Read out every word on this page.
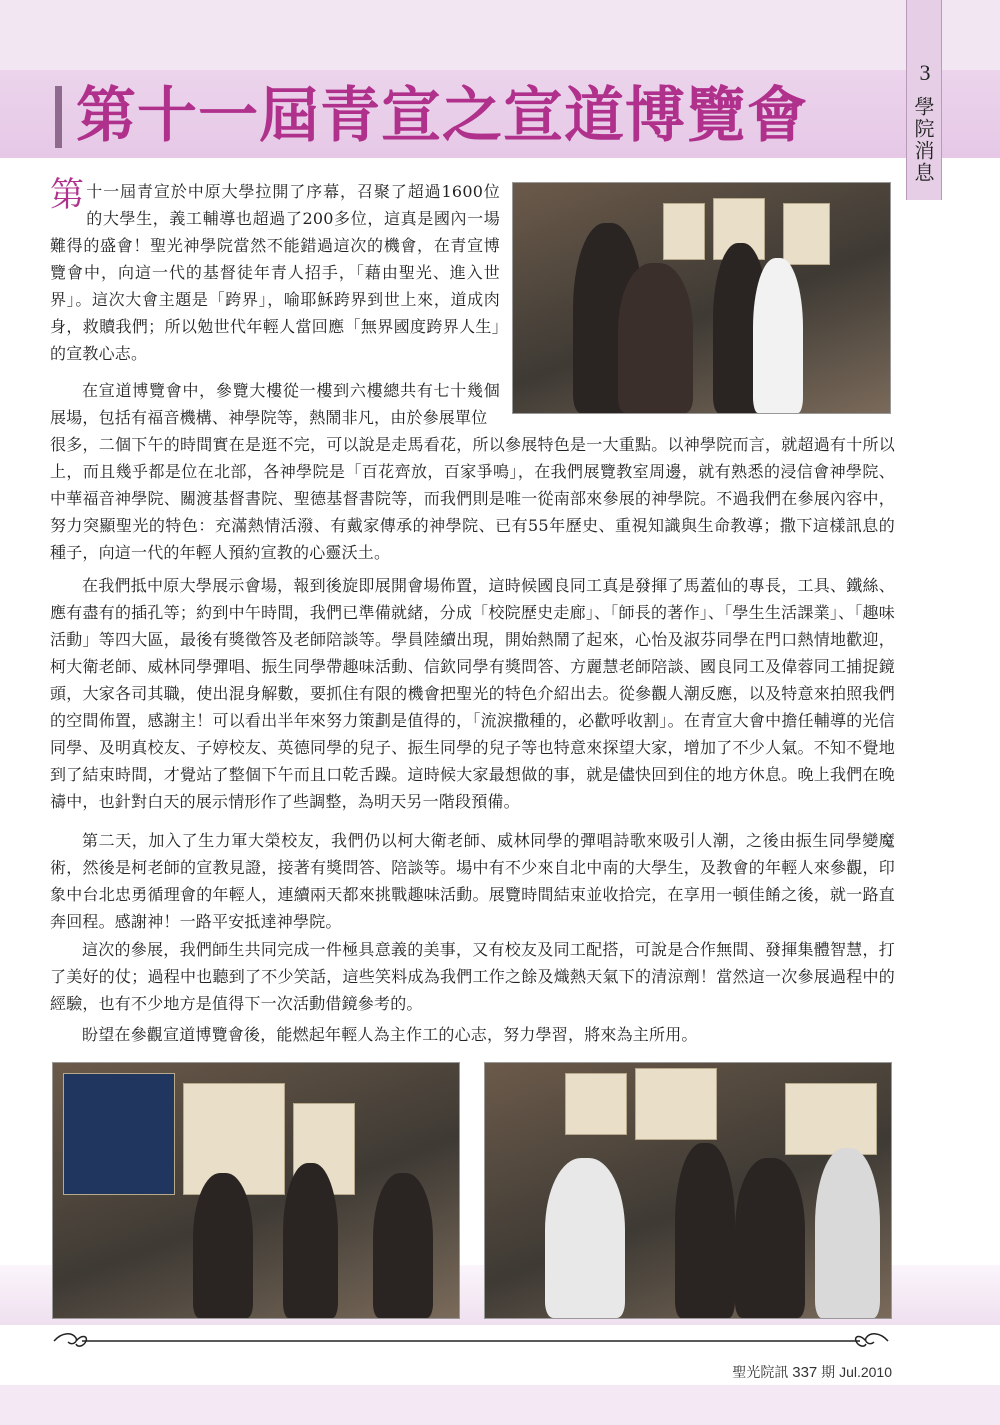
3
學院消息
第十一屆青宣之宣道博覽會

第十一屆青宣於中原大學拉開了序幕，召聚了超過1600位的大學生，義工輔導也超過了200多位，這真是國內一場難得的盛會！聖光神學院當然不能錯過這次的機會，在青宣博覽會中，向這一代的基督徒年青人招手，「藉由聖光、進入世界」。這次大會主題是「跨界」，喻耶穌跨界到世上來，道成肉身，救贖我們；所以勉世代年輕人當回應「無界國度跨界人生」的宣教心志。

在宣道博覽會中，參覽大樓從一樓到六樓總共有七十幾個展場，包括有福音機構、神學院等，熱鬧非凡，由於參展單位

很多，二個下午的時間實在是逛不完，可以說是走馬看花，所以參展特色是一大重點。以神學院而言，就超過有十所以上，而且幾乎都是位在北部，各神學院是「百花齊放，百家爭鳴」，在我們展覽教室周邊，就有熟悉的浸信會神學院、中華福音神學院、關渡基督書院、聖德基督書院等，而我們則是唯一從南部來參展的神學院。不過我們在參展內容中，努力突顯聖光的特色：充滿熱情活潑、有戴家傳承的神學院、已有55年歷史、重視知識與生命教導；撒下這樣訊息的種子，向這一代的年輕人預約宣教的心靈沃土。

在我們抵中原大學展示會場，報到後旋即展開會場佈置，這時候國良同工真是發揮了馬蓋仙的專長，工具、鐵絲、應有盡有的插孔等；約到中午時間，我們已準備就緒，分成「校院歷史走廊」、「師長的著作」、「學生生活課業」、「趣味活動」等四大區，最後有獎徵答及老師陪談等。學員陸續出現，開始熱鬧了起來，心怡及淑芬同學在門口熱情地歡迎，柯大衛老師、威林同學彈唱、振生同學帶趣味活動、信欽同學有獎問答、方麗慧老師陪談、國良同工及偉蓉同工捕捉鏡頭，大家各司其職，使出混身解數，要抓住有限的機會把聖光的特色介紹出去。從參觀人潮反應，以及特意來拍照我們的空間佈置，感謝主！可以看出半年來努力策劃是值得的，「流淚撒種的，必歡呼收割」。在青宣大會中擔任輔導的光信同學、及明真校友、子婷校友、英德同學的兒子、振生同學的兒子等也特意來探望大家，增加了不少人氣。不知不覺地到了結束時間，才覺站了整個下午而且口乾舌躁。這時候大家最想做的事，就是儘快回到住的地方休息。晚上我們在晚禱中，也針對白天的展示情形作了些調整，為明天另一階段預備。

第二天，加入了生力軍大榮校友，我們仍以柯大衛老師、威林同學的彈唱詩歌來吸引人潮，之後由振生同學變魔術，然後是柯老師的宣教見證，接著有獎問答、陪談等。場中有不少來自北中南的大學生，及教會的年輕人來參觀，印象中台北忠勇循理會的年輕人，連續兩天都來挑戰趣味活動。展覽時間結束並收拾完，在享用一頓佳餚之後，就一路直奔回程。感謝神！一路平安抵達神學院。

這次的參展，我們師生共同完成一件極具意義的美事，又有校友及同工配搭，可說是合作無間、發揮集體智慧，打了美好的仗；過程中也聽到了不少笑話，這些笑料成為我們工作之餘及熾熱天氣下的清涼劑！當然這一次參展過程中的經驗，也有不少地方是值得下一次活動借鏡參考的。

盼望在參觀宣道博覽會後，能燃起年輕人為主作工的心志，努力學習，將來為主所用。

聖光院訊 337 期 Jul.2010
